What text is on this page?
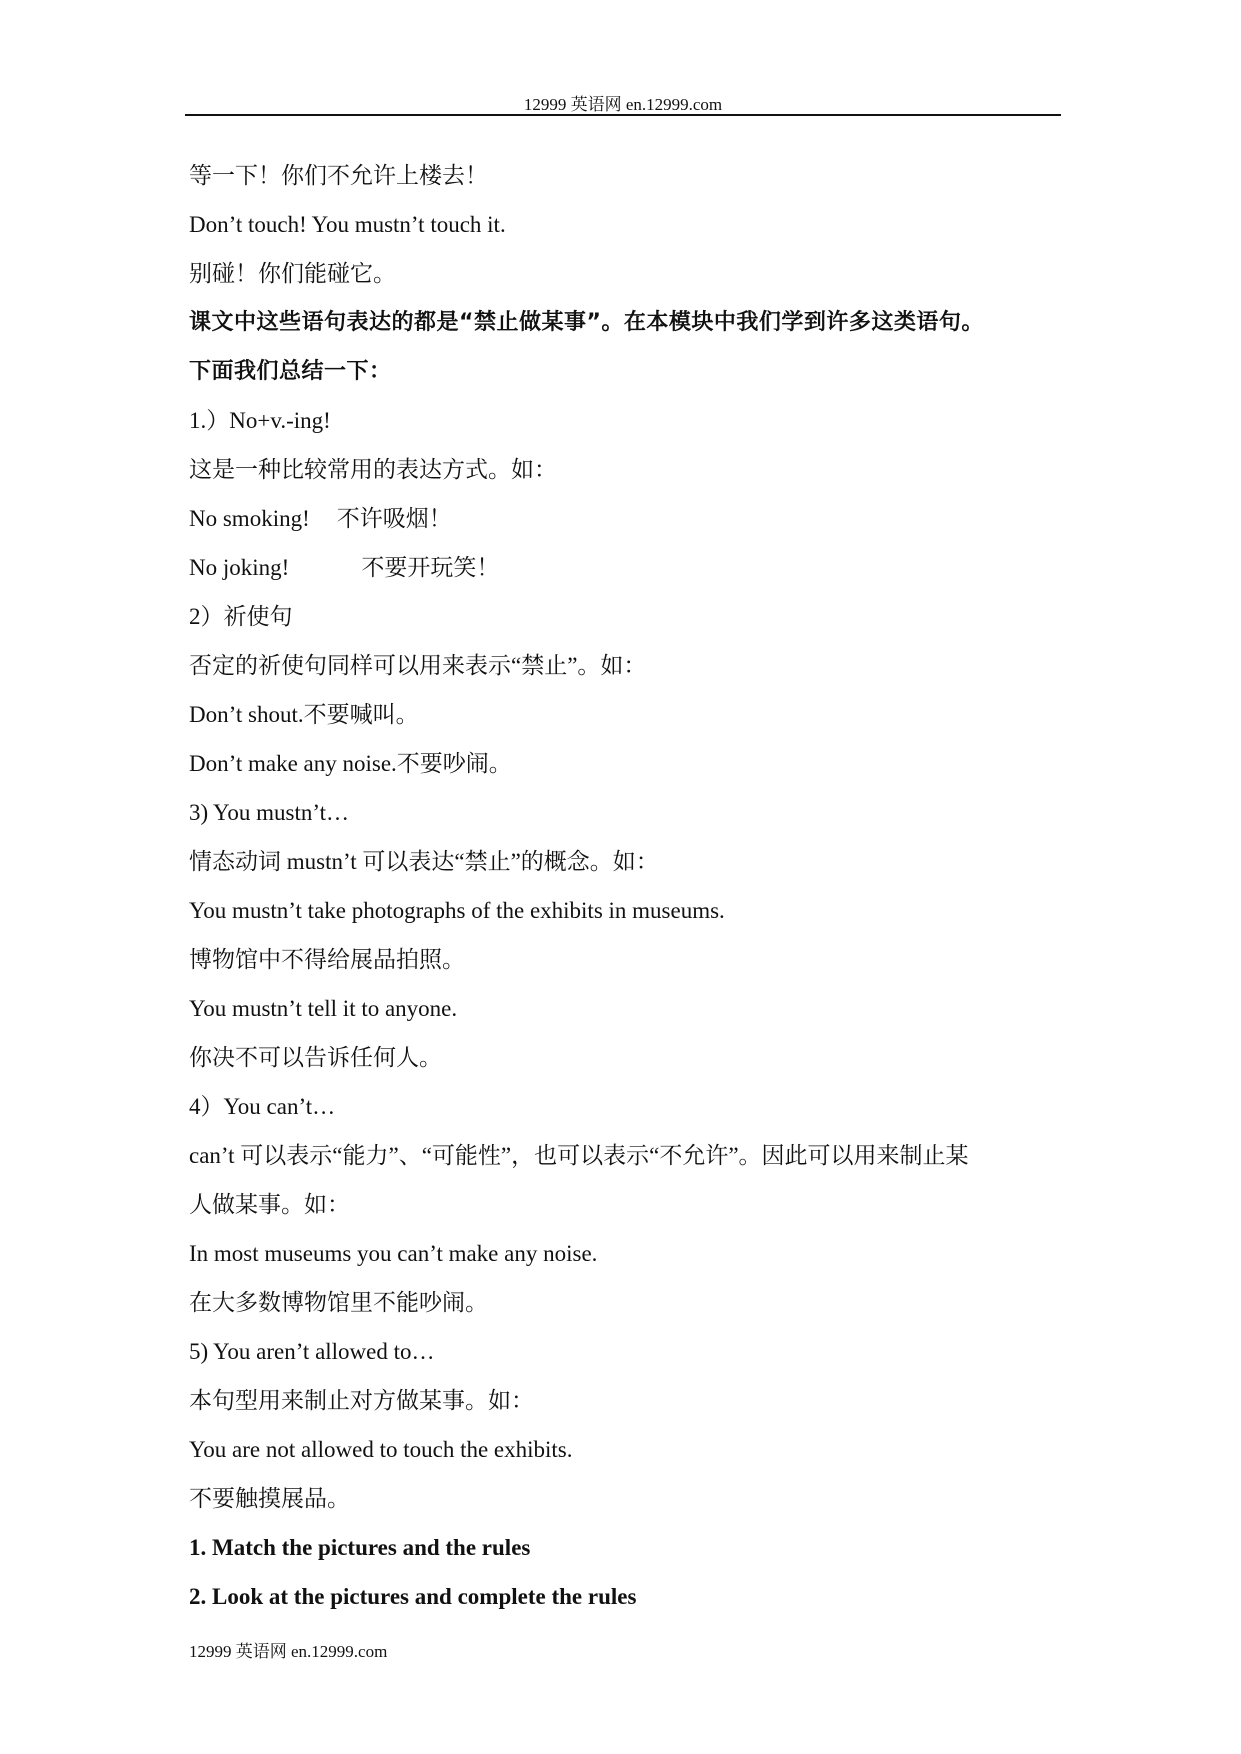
12999 英语网 en.12999.com
等一下！你们不允许上楼去！
Don’t touch! You mustn’t touch it.
别碰！你们能碰它。
课文中这些语句表达的都是“禁止做某事”。在本模块中我们学到许多这类语句。
下面我们总结一下：
1.）No+v.-ing!
这是一种比较常用的表达方式。如：
No smoking! 不许吸烟！
No joking!	不要开玩笑！
2）祈使句
否定的祈使句同样可以用来表示“禁止”。如：
Don’t shout.不要喊叫。
Don’t make any noise.不要吵闹。
3) You mustn’t…
情态动词 mustn’t 可以表达“禁止”的概念。如：
You mustn’t take photographs of the exhibits in museums.
博物馆中不得给展品拍照。
You mustn’t tell it to anyone.
你决不可以告诉任何人。
4）You can’t…
can’t 可以表示“能力”、“可能性”，也可以表示“不允许”。因此可以用来制止某
人做某事。如：
In most museums you can’t make any noise.
在大多数博物馆里不能吵闹。
5) You aren’t allowed to…
本句型用来制止对方做某事。如：
You are not allowed to touch the exhibits.
不要触摸展品。
1. Match the pictures and the rules
2. Look at the pictures and complete the rules
12999 英语网 en.12999.com
